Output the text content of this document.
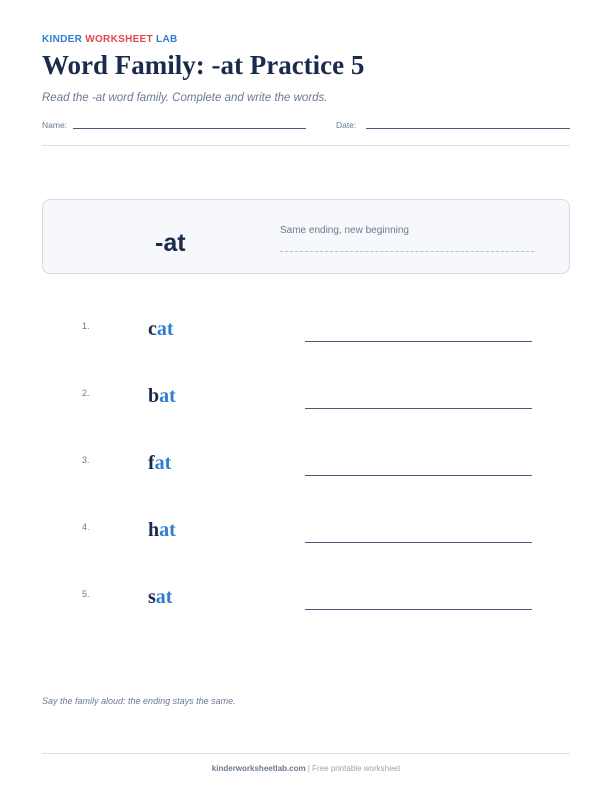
KINDER WORKSHEET LAB
Word Family: -at Practice 5
Read the -at word family. Complete and write the words.
Name:	Date:
-at	Same ending, new beginning
1.	cat
2.	bat
3.	fat
4.	hat
5.	sat
Say the family aloud: the ending stays the same.
kinderworksheetlab.com | Free printable worksheet
